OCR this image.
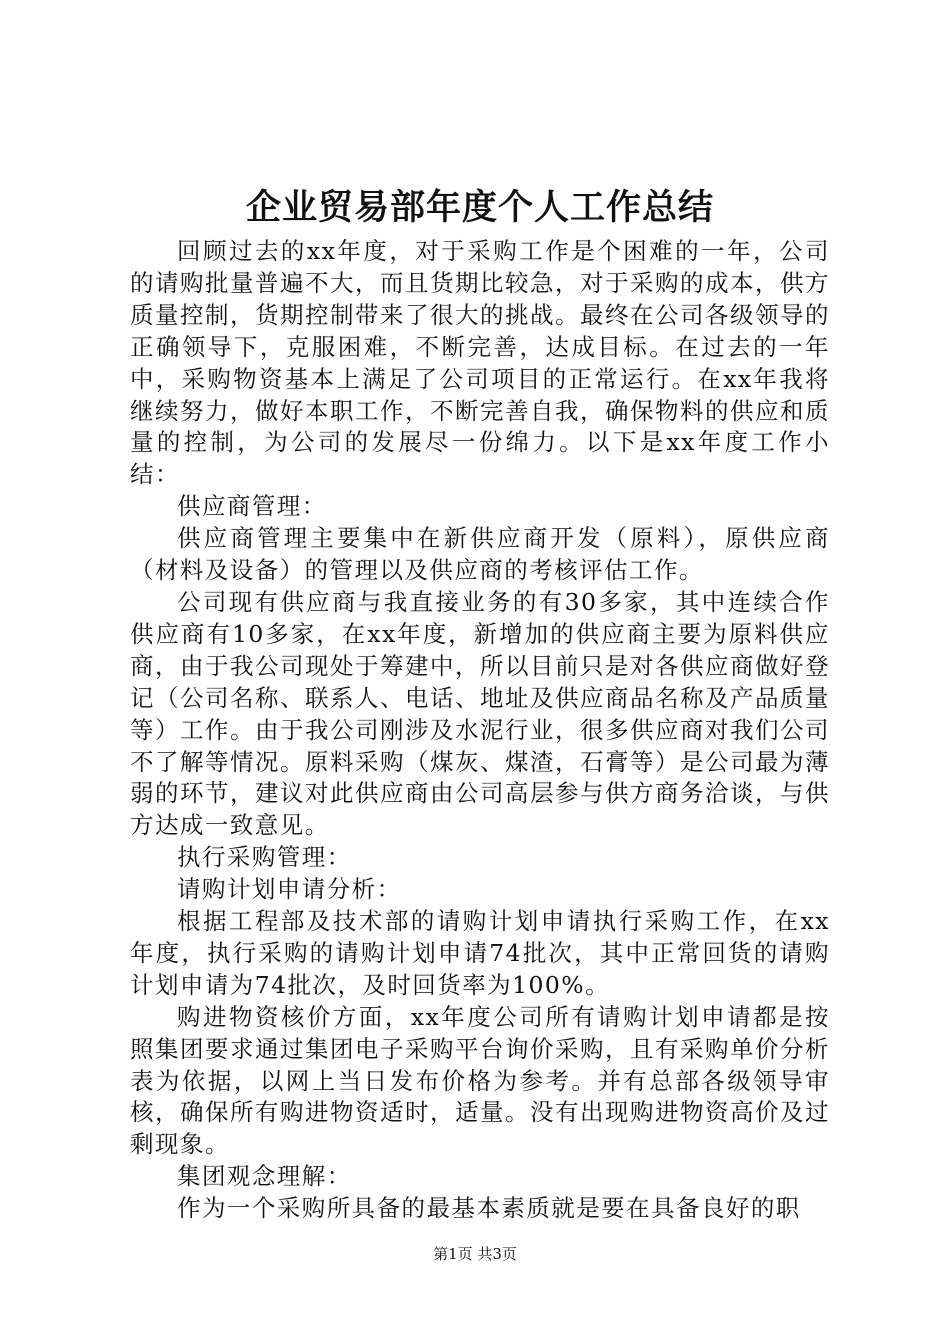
企业贸易部年度个人工作总结

回顾过去的xx年度，对于采购工作是个困难的一年，公司的请购批量普遍不大，而且货期比较急，对于采购的成本，供方质量控制，货期控制带来了很大的挑战。最终在公司各级领导的正确领导下，克服困难，不断完善，达成目标。在过去的一年中，采购物资基本上满足了公司项目的正常运行。在xx年我将继续努力，做好本职工作，不断完善自我，确保物料的供应和质量的控制，为公司的发展尽一份绵力。以下是xx年度工作小结：

供应商管理：

供应商管理主要集中在新供应商开发（原料），原供应商（材料及设备）的管理以及供应商的考核评估工作。

公司现有供应商与我直接业务的有30多家，其中连续合作供应商有10多家，在xx年度，新增加的供应商主要为原料供应商，由于我公司现处于筹建中，所以目前只是对各供应商做好登记（公司名称、联系人、电话、地址及供应商品名称及产品质量等）工作。由于我公司刚涉及水泥行业，很多供应商对我们公司不了解等情况。原料采购（煤灰、煤渣，石膏等）是公司最为薄弱的环节，建议对此供应商由公司高层参与供方商务洽谈，与供方达成一致意见。

执行采购管理：

请购计划申请分析：

根据工程部及技术部的请购计划申请执行采购工作，在xx年度，执行采购的请购计划申请74批次，其中正常回货的请购计划申请为74批次，及时回货率为100%。

购进物资核价方面，xx年度公司所有请购计划申请都是按照集团要求通过集团电子采购平台询价采购，且有采购单价分析表为依据，以网上当日发布价格为参考。并有总部各级领导审核，确保所有购进物资适时，适量。没有出现购进物资高价及过剩现象。

集团观念理解：

作为一个采购所具备的最基本素质就是要在具备良好的职

第1页 共3页
